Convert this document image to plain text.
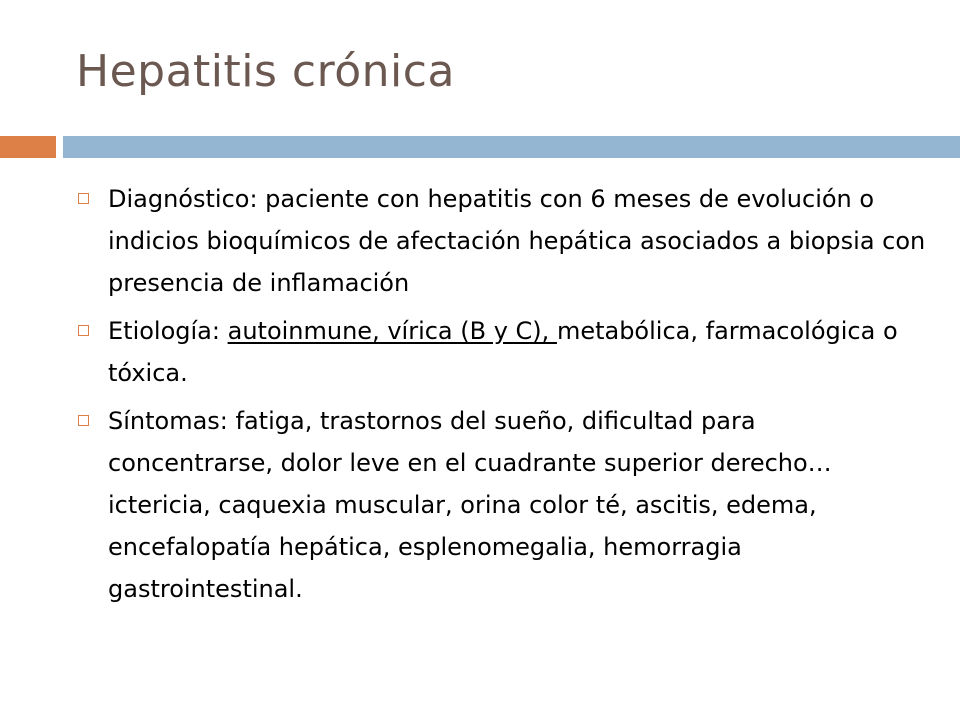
Hepatitis crónica
Diagnóstico: paciente con hepatitis con 6 meses de evolución o indicios bioquímicos de afectación hepática asociados a biopsia con presencia de inflamación
Etiología: autoinmune, vírica (B y C), metabólica, farmacológica o tóxica.
Síntomas: fatiga, trastornos del sueño, dificultad para concentrarse, dolor leve en el cuadrante superior derecho… ictericia, caquexia muscular, orina color té, ascitis, edema, encefalopatía hepática, esplenomegalia, hemorragia gastrointestinal.
